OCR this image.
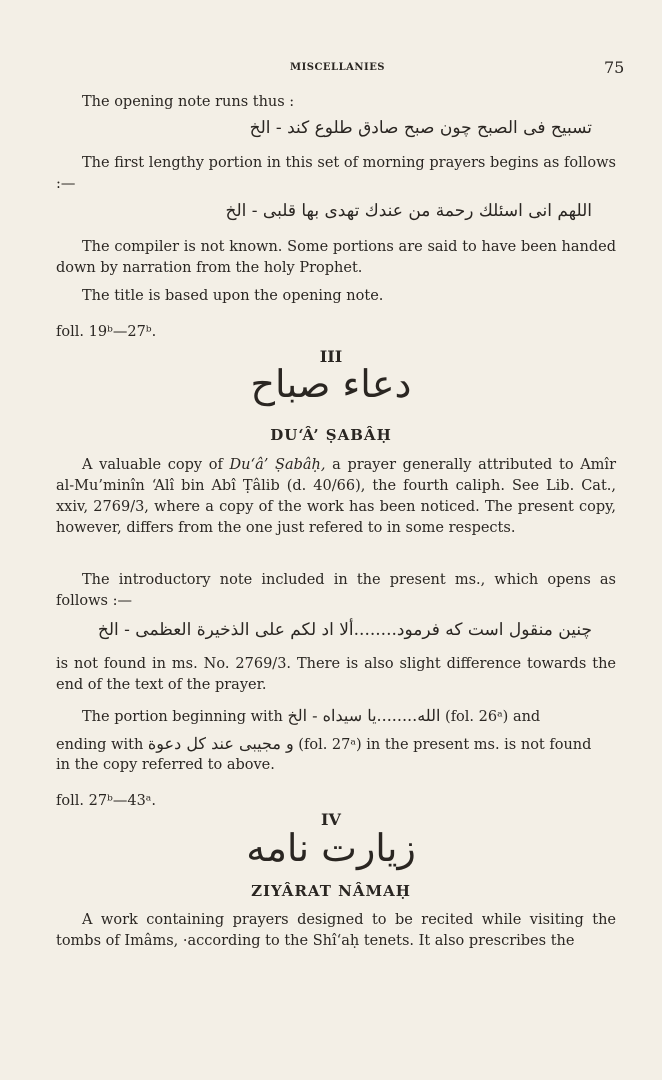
MISCELLANIES	75
The opening note runs thus :
تسبیح فی الصبح چون صبح صادق طلوع کند - الخ
The first lengthy portion in this set of morning prayers begins as follows :—
اللهم انی اسئلك رحمة من عندك تهدی بها قلبی - الخ
The compiler is not known. Some portions are said to have been handed down by narration from the holy Prophet.
The title is based upon the opening note.
foll. 19ᵇ—27ᵇ.
III
دعاء صباح
DU‘Â’ ṢABÂḤ
A valuable copy of Du‘â’ Ṣabâḥ, a prayer generally attributed to Amîr al-Mu’minîn ‘Alî bin Abî Ṭâlib (d. 40/66), the fourth caliph. See Lib. Cat., xxiv, 2769/3, where a copy of the work has been noticed. The present copy, however, differs from the one just refered to in some respects.
The introductory note included in the present ms., which opens as follows :—
چنین منقول است که فرمود........ألا اد لکم علی الذخیرة العظمی - الخ
is not found in ms. No. 2769/3. There is also slight difference towards the end of the text of the prayer.
The portion beginning with الله........یا سیداه - الخ (fol. 26ᵃ) and
ending with و مجیبی عند کل دعوة (fol. 27ᵃ) in the present ms. is not found
in the copy referred to above.
foll. 27ᵇ—43ᵃ.
IV
زیارت نامه
ZIYÂRAT NÂMAḤ
A work containing prayers designed to be recited while visiting the tombs of Imâms, ·according to the Shî‘aḥ tenets. It also prescribes the
